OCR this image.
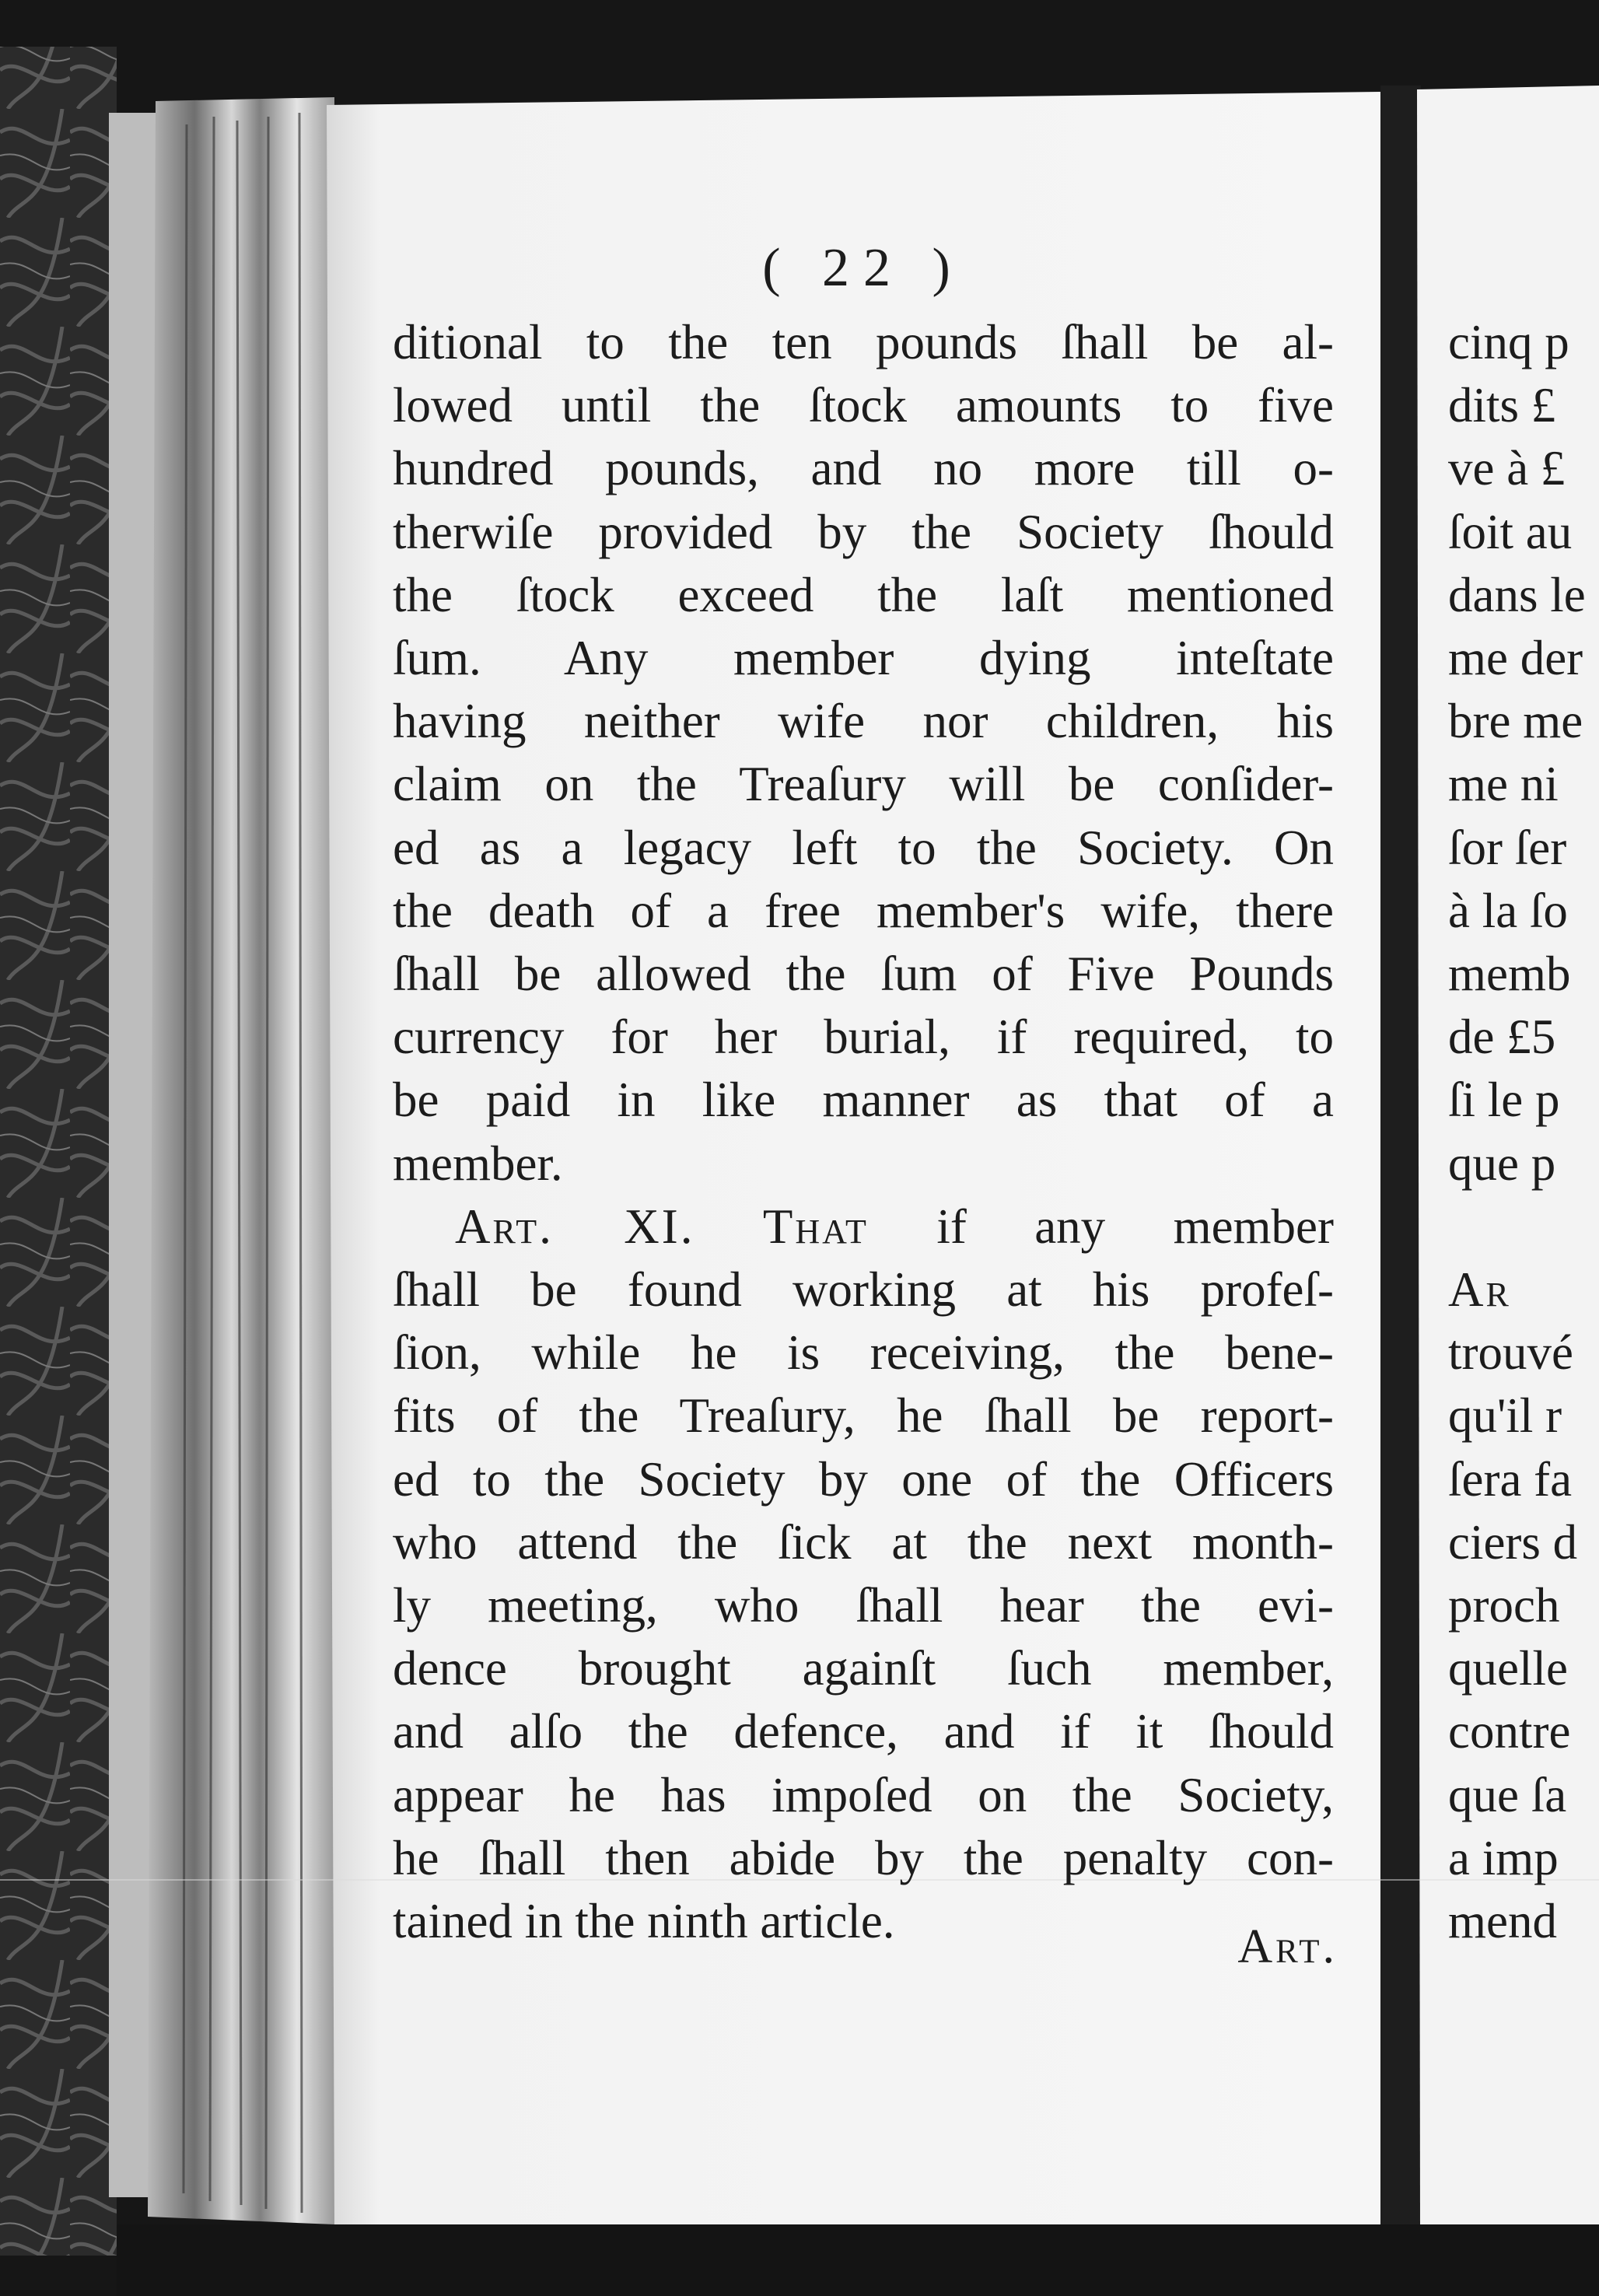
( 22 )
ditional to the ten pounds ſhall be al-
lowed until the ſtock amounts to five
hundred pounds, and no more till o-
therwiſe provided by the Society ſhould
the ſtock exceed the laſt mentioned
ſum. Any member dying inteſtate
having neither wife nor children, his
claim on the Treaſury will be conſider-
ed as a legacy left to the Society. On
the death of a free member's wife, there
ſhall be allowed the ſum of Five Pounds
currency for her burial, if required, to
be paid in like manner as that of a
member.
Art. XI. That if any member
ſhall be found working at his profeſ-
ſion, while he is receiving, the bene-
fits of the Treaſury, he ſhall be report-
ed to the Society by one of the Officers
who attend the ſick at the next month-
ly meeting, who ſhall hear the evi-
dence brought againſt ſuch member,
and alſo the defence, and if it ſhould
appear he has impoſed on the Society,
he ſhall then abide by the penalty con-
tained in the ninth article.	Art.
cinq p
dits £
ve à £
ſoit au
dans le
me der
bre me
me ni
ſor ſer
à la ſo
memb
de £5
ſi le p
que p

Ar
trouvé
qu'il r
ſera fa
ciers d
proch
quelle
contre
que ſa
a imp
mend
